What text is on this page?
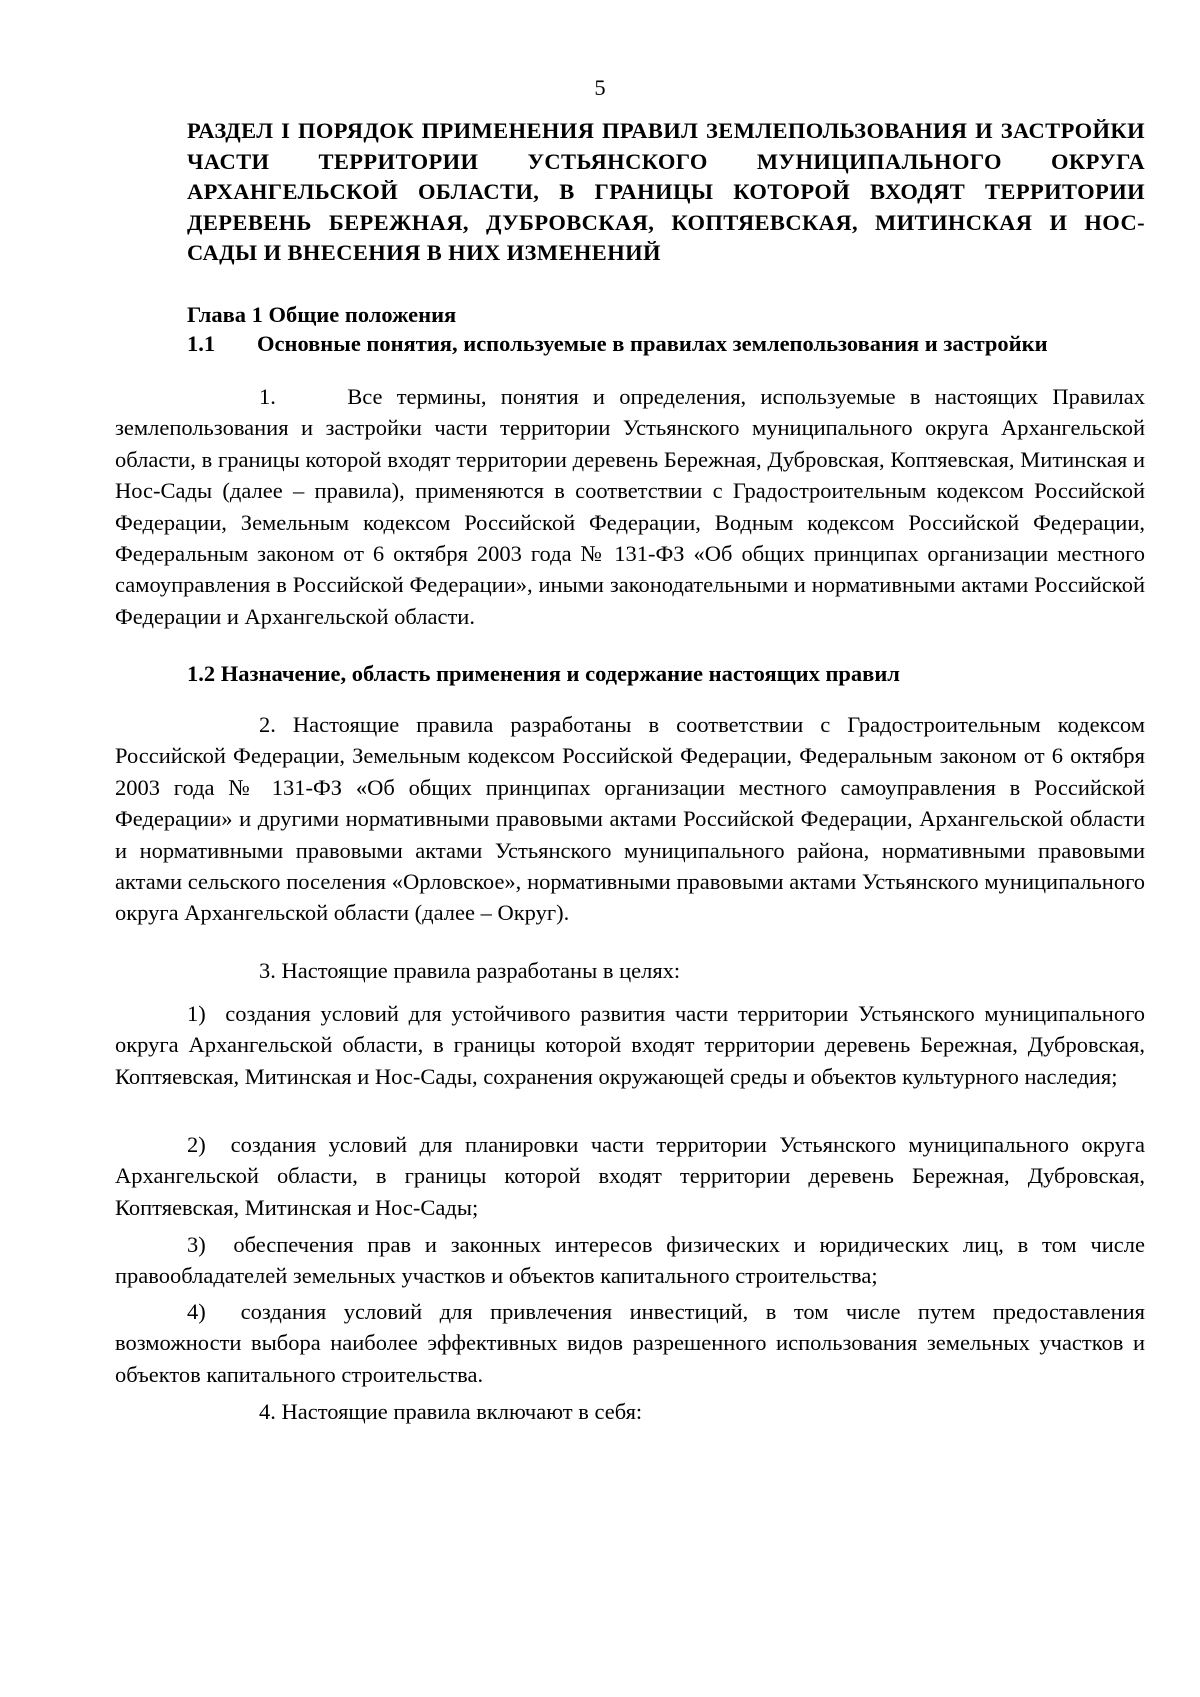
5
РАЗДЕЛ I ПОРЯДОК ПРИМЕНЕНИЯ ПРАВИЛ ЗЕМЛЕПОЛЬЗОВАНИЯ И ЗАСТРОЙКИ ЧАСТИ ТЕРРИТОРИИ УСТЬЯНСКОГО МУНИЦИПАЛЬНОГО ОКРУГА АРХАНГЕЛЬСКОЙ ОБЛАСТИ, В ГРАНИЦЫ КОТОРОЙ ВХОДЯТ ТЕРРИТОРИИ ДЕРЕВЕНЬ БЕРЕЖНАЯ, ДУБРОВСКАЯ, КОПТЯЕВСКАЯ, МИТИНСКАЯ И НОС-САДЫ И ВНЕСЕНИЯ В НИХ ИЗМЕНЕНИЙ
Глава 1 Общие положения
1.1 Основные понятия, используемые в правилах землепользования и застройки
1.	Все термины, понятия и определения, используемые в настоящих Правилах землепользования и застройки части территории Устьянского муниципального округа Архангельской области, в границы которой входят территории деревень Бережная, Дубровская, Коптяевская, Митинская и Нос-Сады (далее – правила), применяются в соответствии с Градостроительным кодексом Российской Федерации, Земельным кодексом Российской Федерации, Водным кодексом Российской Федерации, Федеральным законом от 6 октября 2003 года № 131-ФЗ «Об общих принципах организации местного самоуправления в Российской Федерации», иными законодательными и нормативными актами Российской Федерации и Архангельской области.
1.2 Назначение, область применения и содержание настоящих правил
2. Настоящие правила разработаны в соответствии с Градостроительным кодексом Российской Федерации, Земельным кодексом Российской Федерации, Федеральным законом от 6 октября 2003 года № 131-ФЗ «Об общих принципах организации местного самоуправления в Российской Федерации» и другими нормативными правовыми актами Российской Федерации, Архангельской области и нормативными правовыми актами Устьянского муниципального района, нормативными правовыми актами сельского поселения «Орловское», нормативными правовыми актами Устьянского муниципального округа Архангельской области (далее – Округ).
3. Настоящие правила разработаны в целях:
1) создания условий для устойчивого развития части территории Устьянского муниципального округа Архангельской области, в границы которой входят территории деревень Бережная, Дубровская, Коптяевская, Митинская и Нос-Сады, сохранения окружающей среды и объектов культурного наследия;
2) создания условий для планировки части территории Устьянского муниципального округа Архангельской области, в границы которой входят территории деревень Бережная, Дубровская, Коптяевская, Митинская и Нос-Сады;
3) обеспечения прав и законных интересов физических и юридических лиц, в том числе правообладателей земельных участков и объектов капитального строительства;
4) создания условий для привлечения инвестиций, в том числе путем предоставления возможности выбора наиболее эффективных видов разрешенного использования земельных участков и объектов капитального строительства.
4. Настоящие правила включают в себя:
